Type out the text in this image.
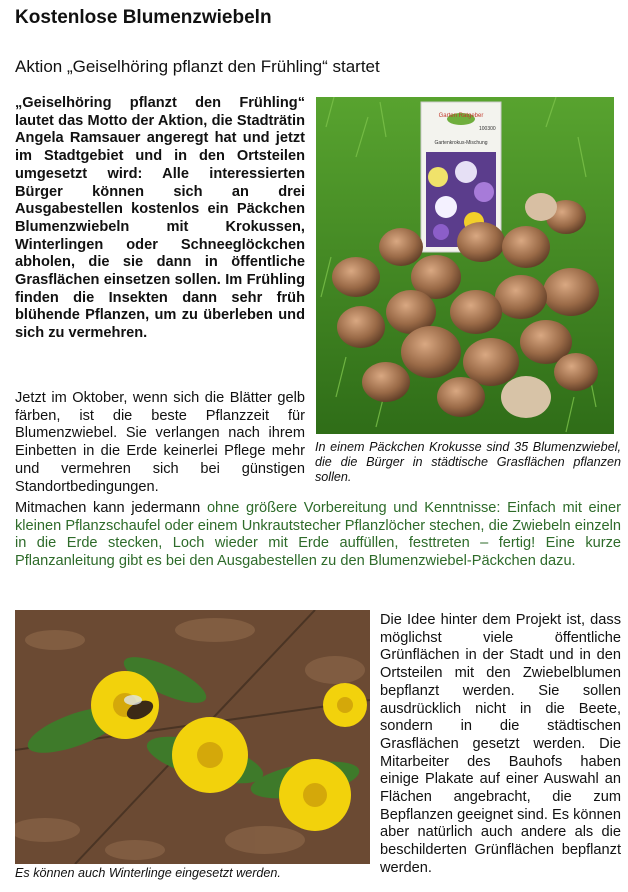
Kostenlose Blumenzwiebeln
Aktion „Geiselhöring pflanzt den Frühling“ startet
„Geiselhöring pflanzt den Frühling“ lautet das Motto der Aktion, die Stadträtin Angela Ramsauer angeregt hat und jetzt im Stadtgebiet und in den Ortsteilen umgesetzt wird: Alle interessierten Bürger können sich an drei Ausgabestellen kostenlos ein Päckchen Blumenzwiebeln mit Krokussen, Winterlingen oder Schneeglöckchen abholen, die sie dann in öffentliche Grasflächen einsetzen sollen. Im Frühling finden die Insekten dann sehr früh blühende Pflanzen, um zu überleben und sich zu vermehren.
Garten Ratgeber
100300
Gartenkrokus-Mischung
In einem Päckchen Krokusse sind 35 Blumenzwiebel, die die Bürger in städtische Grasflächen pflanzen sollen.
Jetzt im Oktober, wenn sich die Blätter gelb färben, ist die beste Pflanzzeit für Blumenzwiebel. Sie verlangen nach ihrem Einbetten in die Erde keinerlei Pflege mehr und vermehren sich bei günstigen Standortbedingungen.
Mitmachen kann jedermann ohne größere Vorbereitung und Kenntnisse: Einfach mit einer kleinen Pflanzschaufel oder einem Unkrautstecher Pflanzlöcher stechen, die Zwiebeln einzeln in die Erde stecken, Loch wieder mit Erde auffüllen, festtreten – fertig! Eine kurze Pflanzanleitung gibt es bei den Ausgabestellen zu den Blumenzwiebel-Päckchen dazu.
Es können auch Winterlinge eingesetzt werden.
Die Idee hinter dem Projekt ist, dass möglichst viele öffentliche Grünflächen in der Stadt und in den Ortsteilen mit den Zwiebelblumen bepflanzt werden. Sie sollen ausdrücklich nicht in die Beete, sondern in die städtischen Grasflächen gesetzt werden. Die Mitarbeiter des Bauhofs haben einige Plakate auf einer Auswahl an Flächen angebracht, die zum Bepflanzen geeignet sind. Es können aber natürlich auch andere als die beschilderten Grünflächen bepflanzt werden.
